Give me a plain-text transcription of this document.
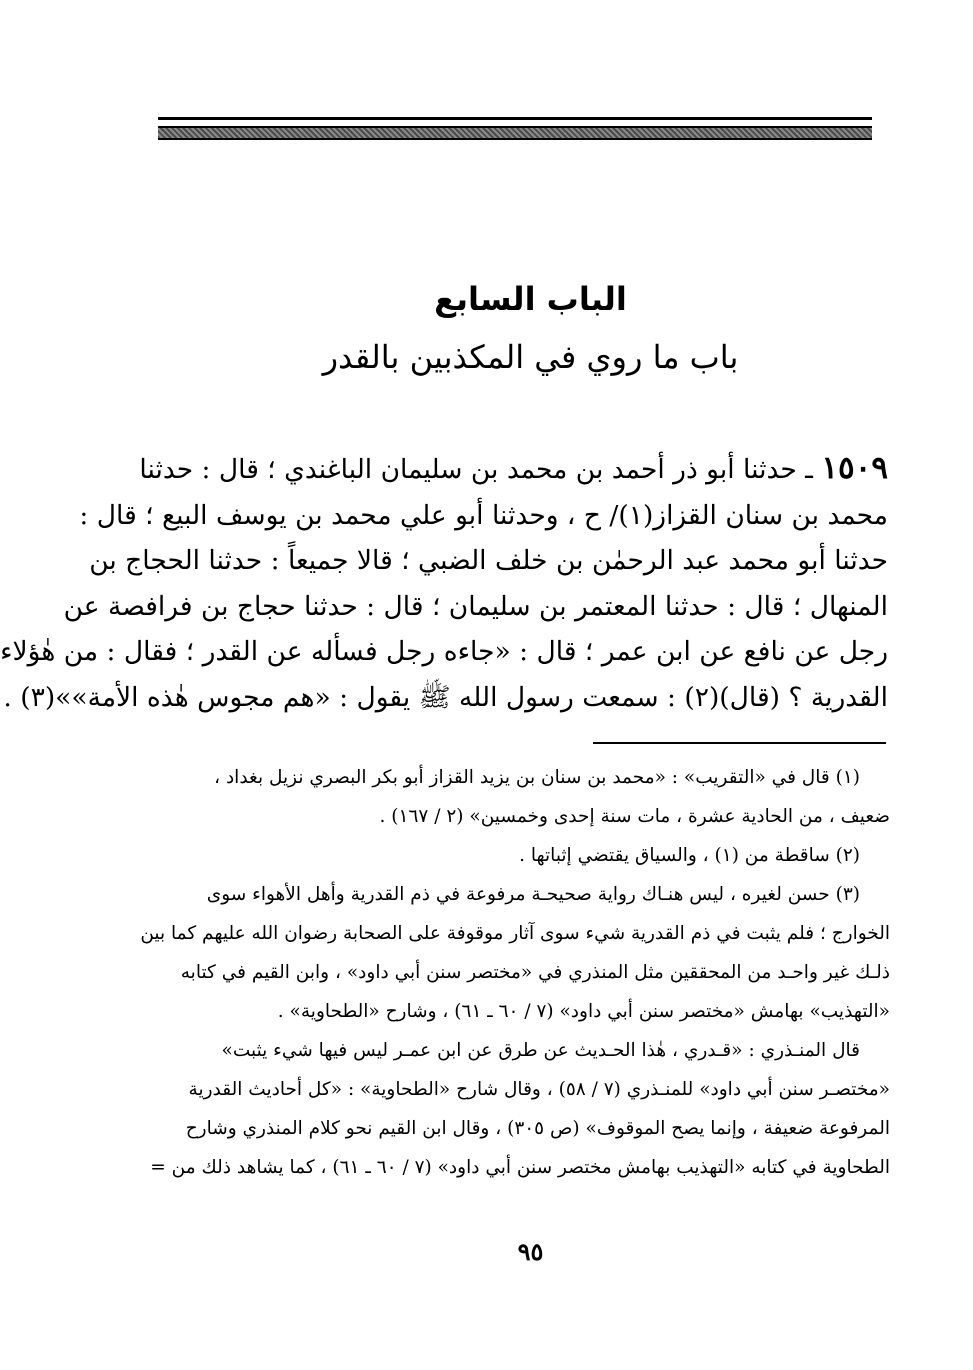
الباب السابع
باب ما روي في المكذبين بالقدر
١٥٠٩ ـ حدثنا أبو ذر أحمد بن محمد بن سليمان الباغندي ؛ قال : حدثنا
محمد بن سنان القزاز(١)/ ح ، وحدثنا أبو علي محمد بن يوسف البيع ؛ قال :
حدثنا أبو محمد عبد الرحمٰن بن خلف الضبي ؛ قالا جميعاً : حدثنا الحجاج بن
المنهال ؛ قال : حدثنا المعتمر بن سليمان ؛ قال : حدثنا حجاج بن فرافصة عن
رجل عن نافع عن ابن عمر ؛ قال : «جاءه رجل فسأله عن القدر ؛ فقال : من هٰؤلاء
القدرية ؟ (قال)(٢) : سمعت رسول الله ﷺ يقول : «هم مجوس هٰذه الأمة»»(٣) .
(١) قال في «التقريب» : «محمد بن سنان بن يزيد القزاز أبو بكر البصري نزيل بغداد ،
ضعيف ، من الحادية عشرة ، مات سنة إحدى وخمسين» (٢ / ١٦٧) .
(٢) ساقطة من (١) ، والسياق يقتضي إثباتها .
(٣) حسن لغيره ، ليس هنـاك رواية صحيحـة مرفوعة في ذم القدرية وأهل الأهواء سوى
الخوارج ؛ فلم يثبت في ذم القدرية شيء سوى آثار موقوفة على الصحابة رضوان الله عليهم كما بين
ذلـك غير واحـد من المحققين مثل المنذري في «مختصر سنن أبي داود» ، وابن القيم في كتابه
«التهذيب» بهامش «مختصر سنن أبي داود» (٧ / ٦٠ ـ ٦١) ، وشارح «الطحاوية» .
قال المنـذري : «قـدري ، هٰذا الحـديث عن طرق عن ابن عمـر ليس فيها شيء يثبت»
«مختصـر سنن أبي داود» للمنـذري (٧ / ٥٨) ، وقال شارح «الطحاوية» : «كل أحاديث القدرية
المرفوعة ضعيفة ، وإنما يصح الموقوف» (ص ٣٠٥) ، وقال ابن القيم نحو كلام المنذري وشارح
الطحاوية في كتابه «التهذيب بهامش مختصر سنن أبي داود» (٧ / ٦٠ ـ ٦١) ، كما يشاهد ذلك من =
٩٥
